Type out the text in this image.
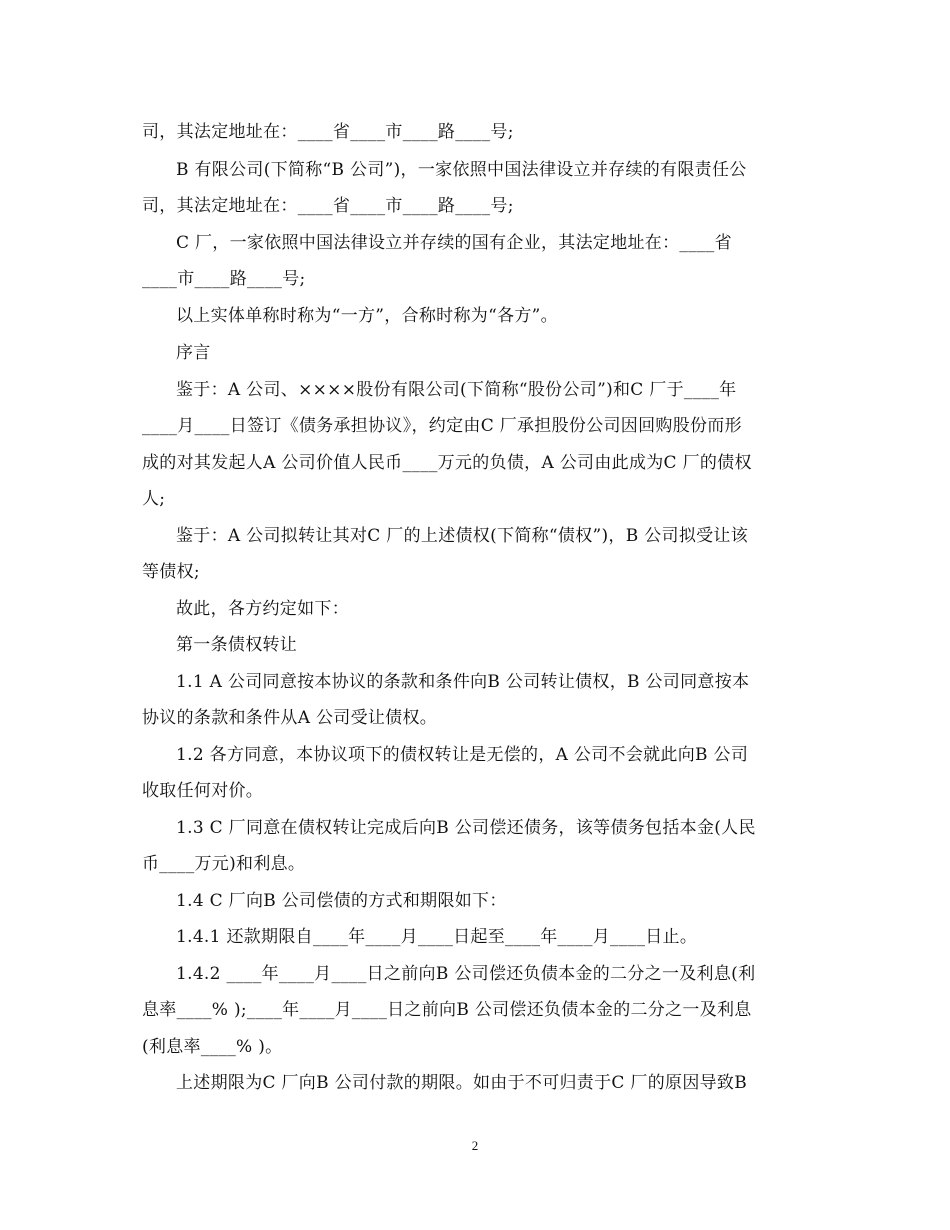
司，其法定地址在：____省____市____路____号;
B 有限公司(下简称“B 公司”)，一家依照中国法律设立并存续的有限责任公
司，其法定地址在：____省____市____路____号;
C 厂，一家依照中国法律设立并存续的国有企业，其法定地址在：____省
____市____路____号;
以上实体单称时称为“一方”，合称时称为“各方”。
序言
鉴于：A 公司、××××股份有限公司(下简称“股份公司”)和C 厂于____年
____月____日签订《债务承担协议》，约定由C 厂承担股份公司因回购股份而形
成的对其发起人A 公司价值人民币____万元的负债，A 公司由此成为C 厂的债权
人;
鉴于：A 公司拟转让其对C 厂的上述债权(下简称“债权”)，B 公司拟受让该
等债权;
故此，各方约定如下：
第一条债权转让
1.1 A 公司同意按本协议的条款和条件向B 公司转让债权，B 公司同意按本
协议的条款和条件从A 公司受让债权。
1.2 各方同意，本协议项下的债权转让是无偿的，A 公司不会就此向B 公司
收取任何对价。
1.3 C 厂同意在债权转让完成后向B 公司偿还债务，该等债务包括本金(人民
币____万元)和利息。
1.4 C 厂向B 公司偿债的方式和期限如下：
1.4.1 还款期限自____年____月____日起至____年____月____日止。
1.4.2 ____年____月____日之前向B 公司偿还负债本金的二分之一及利息(利
息率____% );____年____月____日之前向B 公司偿还负债本金的二分之一及利息
(利息率____% )。
上述期限为C 厂向B 公司付款的期限。如由于不可归责于C 厂的原因导致B
2
